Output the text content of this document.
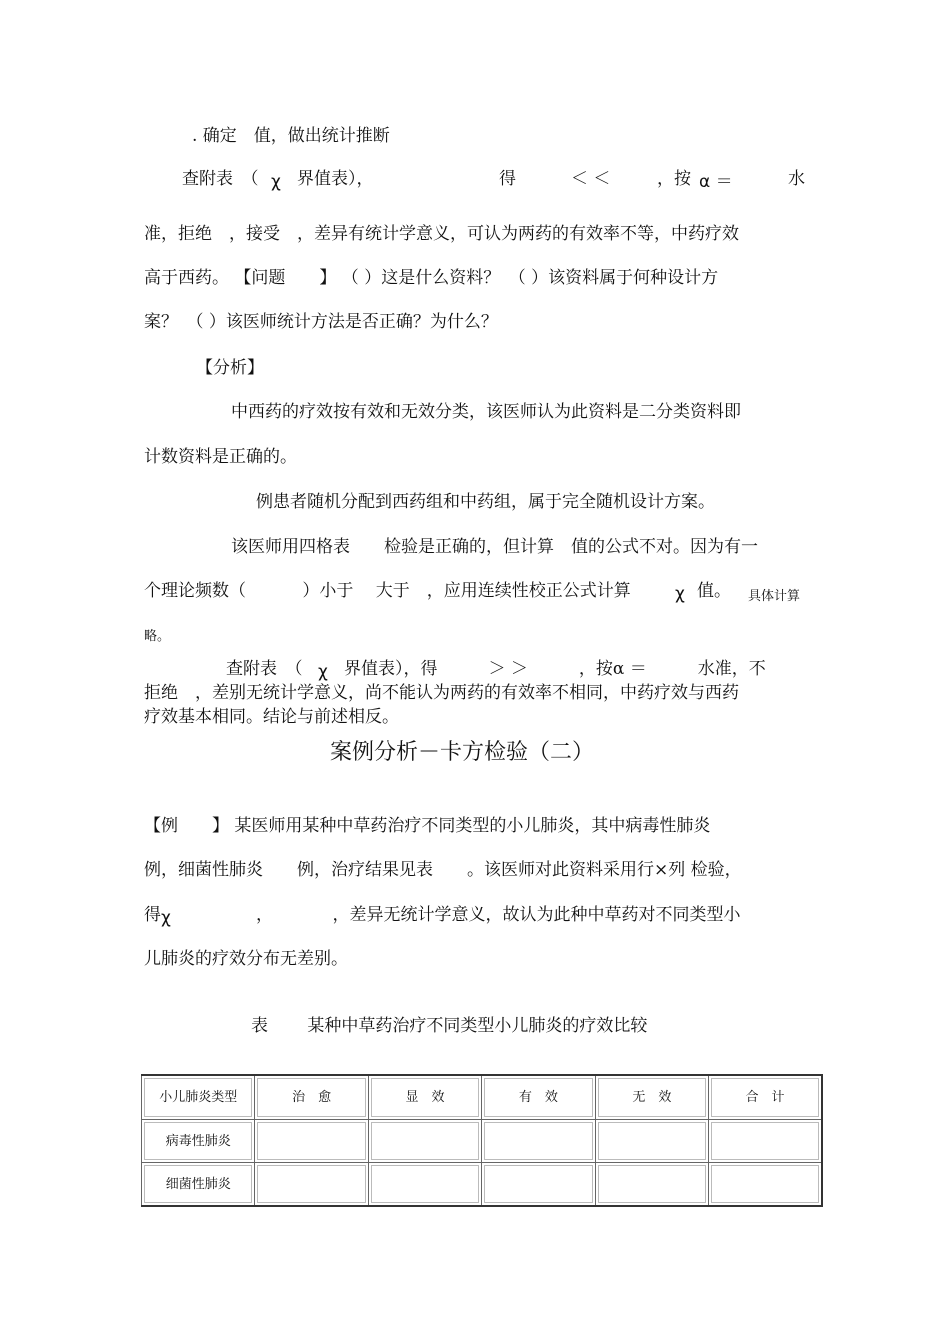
. 确定　值，做出统计推断
查附表　（ χ 界值表），	得	＜ ＜	，按 α ＝	水
准，拒绝　，接受　，差异有统计学意义，可认为两药的有效率不等，中药疗效
高于西药。 【问题　　】 （ ）这是什么资料？　（ ）该资料属于何种设计方
案？　（ ）该医师统计方法是否正确？为什么？
【分析】
中西药的疗效按有效和无效分类，该医师认为此资料是二分类资料即
计数资料是正确的。
例患者随机分配到西药组和中药组，属于完全随机设计方案。
该医师用四格表　　检验是正确的，但计算　值的公式不对。因为有一
个理论频数（　　　 ）小于　 大于　，应用连续性校正公式计算	χ 值。 具体计算
略。
查附表　（ χ 界值表），得　　　＞ ＞　　　，按α ＝　　　水准，不
拒绝　，差别无统计学意义，尚不能认为两药的有效率不相同，中药疗效与西药
疗效基本相同。结论与前述相反。
案例分析－卡方检验（二）
【例　　】 某医师用某种中草药治疗不同类型的小儿肺炎，其中病毒性肺炎
例，细菌性肺炎　　例，治疗结果见表　　。该医师对此资料采用行×列 检验，
得 χ	，　　　　，差异无统计学意义，故认为此种中草药对不同类型小
儿肺炎的疗效分布无差别。
表　　 某种中草药治疗不同类型小儿肺炎的疗效比较
小儿肺炎类型	治　愈	显　效	有　效	无　效	合　计
病毒性肺炎					
细菌性肺炎					
